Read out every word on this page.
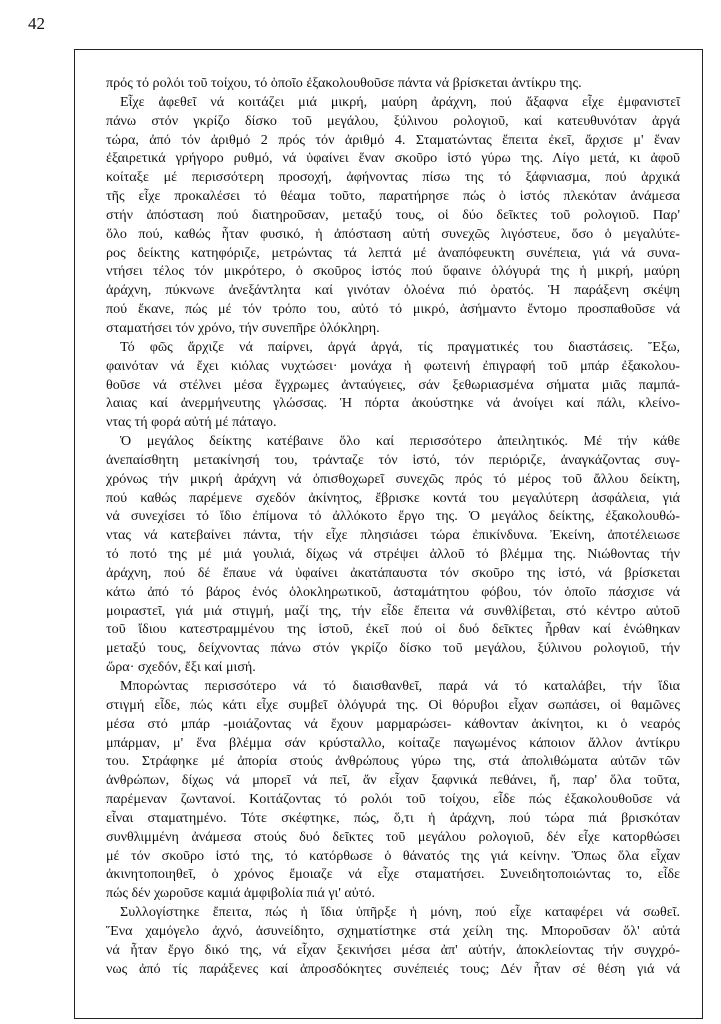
42
πρός τό ρολόι τοῦ τοίχου, τό ὁποῖο ἐξακολουθοῦσε πάντα νά βρίσκεται ἀντίκρυ της.
Εἶχε ἀφεθεῖ νά κοιτάζει μιά μικρή, μαύρη ἀράχνη, πού ἄξαφνα εἶχε ἐμφανιστεῖ
πάνω στόν γκρίζο δίσκο τοῦ μεγάλου, ξύλινου ρολογιοῦ, καί κατευθυνόταν ἀργά
τώρα, ἀπό τόν ἀριθμό 2 πρός τόν ἀριθμό 4. Σταματώντας ἔπειτα ἐκεῖ, ἄρχισε μ' ἕναν
ἐξαιρετικά γρήγορο ρυθμό, νά ὑφαίνει ἕναν σκοῦρο ἱστό γύρω της. Λίγο μετά, κι ἀφοῦ
κοίταξε μέ περισσότερη προσοχή, ἀφήνοντας πίσω της τό ξάφνιασμα, πού ἀρχικά
τῆς εἶχε προκαλέσει τό θέαμα τοῦτο, παρατήρησε πώς ὁ ἱστός πλεκόταν ἀνάμεσα
στήν ἀπόσταση πού διατηροῦσαν, μεταξύ τους, οἱ δύο δεῖκτες τοῦ ρολογιοῦ. Παρ'
ὅλο πού, καθώς ἦταν φυσικό, ἡ ἀπόσταση αὐτή συνεχῶς λιγόστευε, ὅσο ὁ μεγαλύτε-
ρος δείκτης κατηφόριζε, μετρώντας τά λεπτά μέ ἀναπόφευκτη συνέπεια, γιά νά συνα-
ντήσει τέλος τόν μικρότερο, ὁ σκοῦρος ἱστός πού ὕφαινε ὁλόγυρά της ἡ μικρή, μαύρη
ἀράχνη, πύκνωνε ἀνεξάντλητα καί γινόταν ὁλοένα πιό ὁρατός. Ἡ παράξενη σκέψη
πού ἔκανε, πώς μέ τόν τρόπο του, αὐτό τό μικρό, ἀσήμαντο ἔντομο προσπαθοῦσε νά
σταματήσει τόν χρόνο, τήν συνεπῆρε ὁλόκληρη.
Τό φῶς ἄρχιζε νά παίρνει, ἀργά ἀργά, τίς πραγματικές του διαστάσεις. Ἔξω,
φαινόταν νά ἔχει κιόλας νυχτώσει· μονάχα ἡ φωτεινή ἐπιγραφή τοῦ μπάρ ἐξακολου-
θοῦσε νά στέλνει μέσα ἔγχρωμες ἀνταύγειες, σάν ξεθωριασμένα σήματα μιᾶς παμπά-
λαιας καί ἀνερμήνευτης γλώσσας. Ἡ πόρτα ἀκούστηκε νά ἀνοίγει καί πάλι, κλείνο-
ντας τή φορά αὐτή μέ πάταγο.
Ὁ μεγάλος δείκτης κατέβαινε ὅλο καί περισσότερο ἀπειλητικός. Μέ τήν κάθε
ἀνεπαίσθητη μετακίνησή του, τράνταζε τόν ἱστό, τόν περιόριζε, ἀναγκάζοντας συγ-
χρόνως τήν μικρή ἀράχνη νά ὀπισθοχωρεῖ συνεχῶς πρός τό μέρος τοῦ ἄλλου δείκτη,
πού καθώς παρέμενε σχεδόν ἀκίνητος, ἔβρισκε κοντά του μεγαλύτερη ἀσφάλεια, γιά
νά συνεχίσει τό ἴδιο ἐπίμονα τό ἀλλόκοτο ἔργο της. Ὁ μεγάλος δείκτης, ἐξακολουθώ-
ντας νά κατεβαίνει πάντα, τήν εἶχε πλησιάσει τώρα ἐπικίνδυνα. Ἐκείνη, ἀποτέλειωσε
τό ποτό της μέ μιά γουλιά, δίχως νά στρέψει ἀλλοῦ τό βλέμμα της. Νιώθοντας τήν
ἀράχνη, πού δέ ἔπαυε νά ὑφαίνει ἀκατάπαυστα τόν σκοῦρο της ἱστό, νά βρίσκεται
κάτω ἀπό τό βάρος ἑνός ὁλοκληρωτικοῦ, ἀσταμάτητου φόβου, τόν ὁποῖο πάσχισε νά
μοιραστεῖ, γιά μιά στιγμή, μαζί της, τήν εἶδε ἔπειτα νά συνθλίβεται, στό κέντρο αὐτοῦ
τοῦ ἴδιου κατεστραμμένου της ἱστοῦ, ἐκεῖ πού οἱ δυό δεῖκτες ἦρθαν καί ἑνώθηκαν
μεταξύ τους, δείχνοντας πάνω στόν γκρίζο δίσκο τοῦ μεγάλου, ξύλινου ρολογιοῦ, τήν
ὥρα· σχεδόν, ἔξι καί μισή.
Μπορώντας περισσότερο νά τό διαισθανθεῖ, παρά νά τό καταλάβει, τήν ἴδια
στιγμή εἶδε, πώς κάτι εἶχε συμβεῖ ὁλόγυρά της. Οἱ θόρυβοι εἶχαν σωπάσει, οἱ θαμῶνες
μέσα στό μπάρ -μοιάζοντας νά ἔχουν μαρμαρώσει- κάθονταν ἀκίνητοι, κι ὁ νεαρός
μπάρμαν, μ' ἕνα βλέμμα σάν κρύσταλλο, κοίταζε παγωμένος κάποιον ἄλλον ἀντίκρυ
του. Στράφηκε μέ ἀπορία στούς ἀνθρώπους γύρω της, στά ἀπολιθώματα αὐτῶν τῶν
ἀνθρώπων, δίχως νά μπορεῖ νά πεῖ, ἄν εἶχαν ξαφνικά πεθάνει, ἤ, παρ' ὅλα τοῦτα,
παρέμεναν ζωντανοί. Κοιτάζοντας τό ρολόι τοῦ τοίχου, εἶδε πώς ἐξακολουθοῦσε νά
εἶναι σταματημένο. Τότε σκέφτηκε, πώς, ὅ,τι ἡ ἀράχνη, πού τώρα πιά βρισκόταν
συνθλιμμένη ἀνάμεσα στούς δυό δεῖκτες τοῦ μεγάλου ρολογιοῦ, δέν εἶχε κατορθώσει
μέ τόν σκοῦρο ἱστό της, τό κατόρθωσε ὁ θάνατός της γιά κείνην. Ὅπως ὅλα εἶχαν
ἀκινητοποιηθεῖ, ὁ χρόνος ἔμοιαζε νά εἶχε σταματήσει. Συνειδητοποιώντας το, εἶδε
πώς δέν χωροῦσε καμιά ἀμφιβολία πιά γι' αὐτό.
Συλλογίστηκε ἔπειτα, πώς ἡ ἴδια ὑπῆρξε ἡ μόνη, πού εἶχε καταφέρει νά σωθεῖ.
Ἕνα χαμόγελο ἀχνό, ἀσυνείδητο, σχηματίστηκε στά χείλη της. Μποροῦσαν ὅλ' αὐτά
νά ἦταν ἔργο δικό της, νά εἶχαν ξεκινήσει μέσα ἀπ' αὐτήν, ἀποκλείοντας τήν συγχρό-
νως ἀπό τίς παράξενες καί ἀπροσδόκητες συνέπειές τους; Δέν ἦταν σέ θέση γιά νά
